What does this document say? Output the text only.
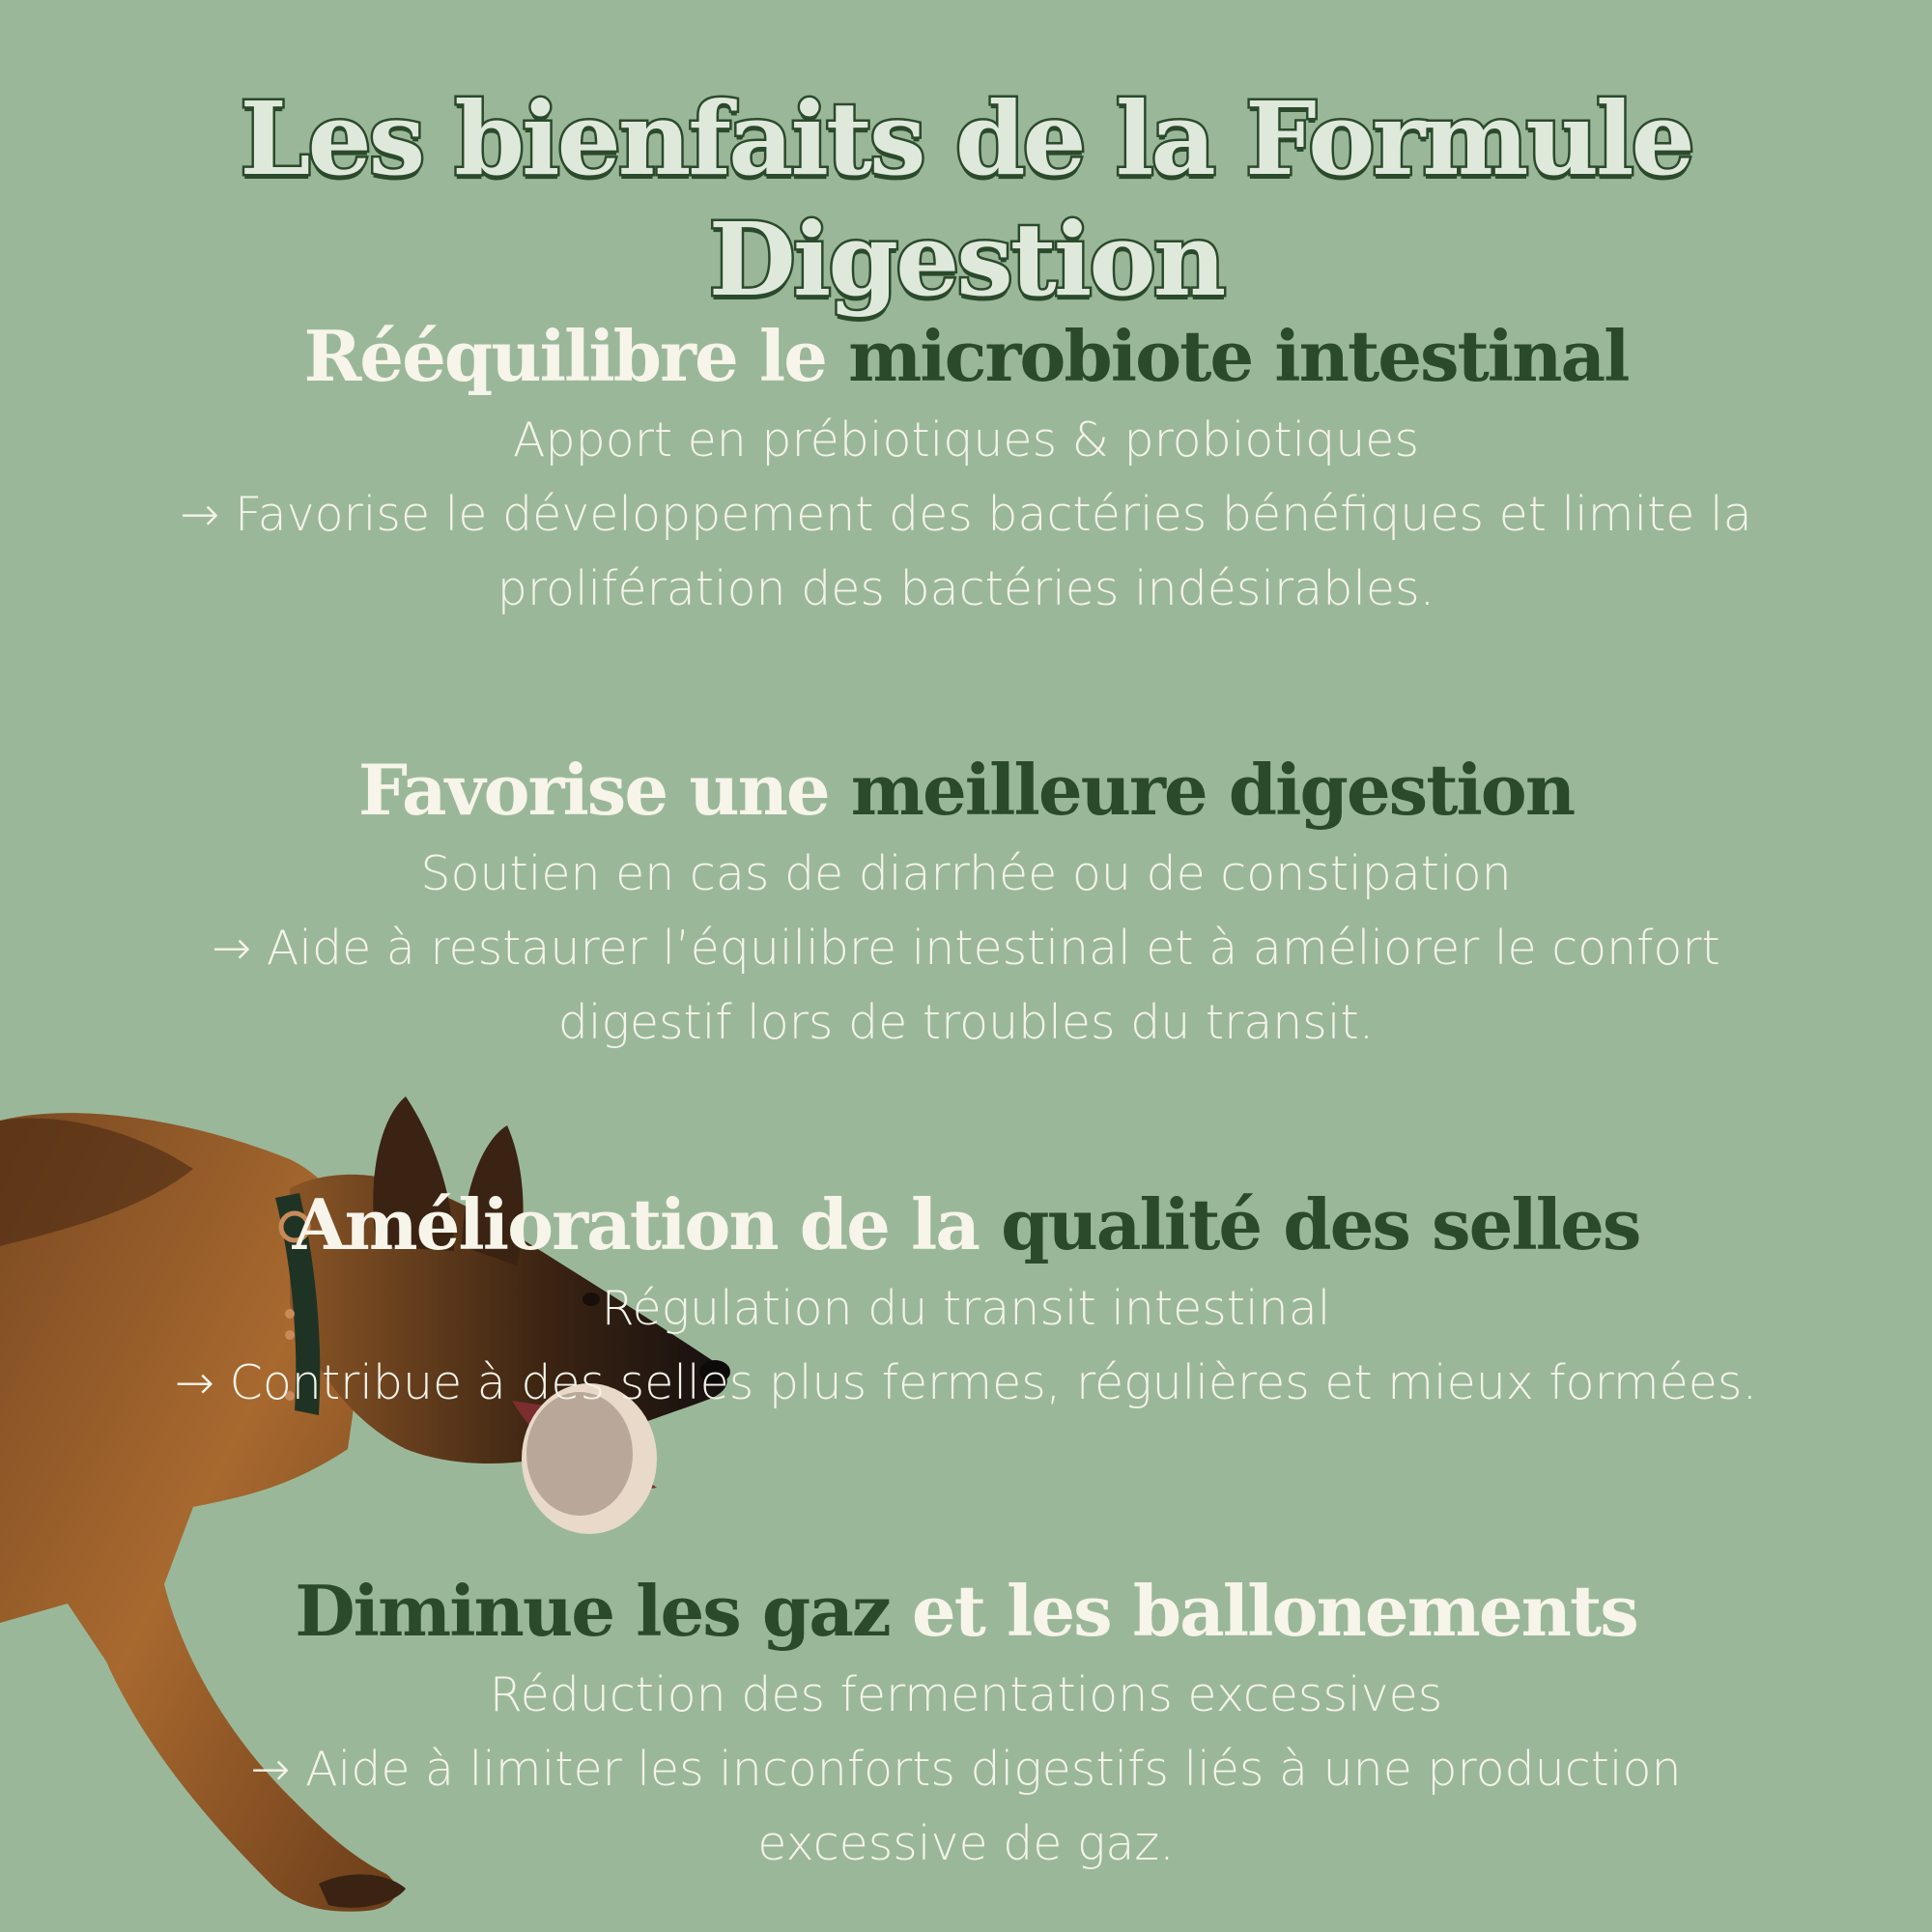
Les bienfaits de la Formule Digestion
Rééquilibre le microbiote intestinal

Apport en prébiotiques & probiotiques

→ Favorise le développement des bactéries bénéfiques et limite la

prolifération des bactéries indésirables.

Favorise une meilleure digestion

Soutien en cas de diarrhée ou de constipation

→ Aide à restaurer l’équilibre intestinal et à améliorer le confort

digestif lors de troubles du transit.

Amélioration de la qualité des selles

Régulation du transit intestinal

→ Contribue à des selles plus fermes, régulières et mieux formées.

Diminue les gaz et les ballonements

Réduction des fermentations excessives

→ Aide à limiter les inconforts digestifs liés à une production

excessive de gaz.
